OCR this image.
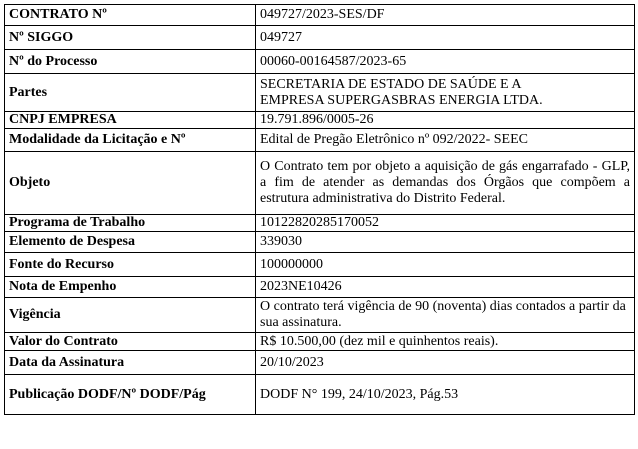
CONTRATO Nº	049727/2023-SES/DF
Nº SIGGO	049727
Nº do Processo	00060-00164587/2023-65
Partes	SECRETARIA DE ESTADO DE SAÚDE E A
EMPRESA SUPERGASBRAS ENERGIA LTDA.

CNPJ EMPRESA	19.791.896/0005-26
Modalidade da Licitação e Nº	Edital de Pregão Eletrônico nº 092/2022- SEEC
Objeto	O Contrato tem por objeto a aquisição de gás engarrafado - GLP, a fim de atender as demandas dos Órgãos que compõem a estrutura administrativa do Distrito Federal.
Programa de Trabalho	10122820285170052
Elemento de Despesa	339030
Fonte do Recurso	100000000
Nota de Empenho	2023NE10426
Vigência	O contrato terá vigência de 90 (noventa) dias contados a partir da sua assinatura.
Valor do Contrato	R$ 10.500,00 (dez mil e quinhentos reais).
Data da Assinatura	20/10/2023
Publicação DODF/Nº DODF/Pág	DODF N° 199, 24/10/2023, Pág.53
